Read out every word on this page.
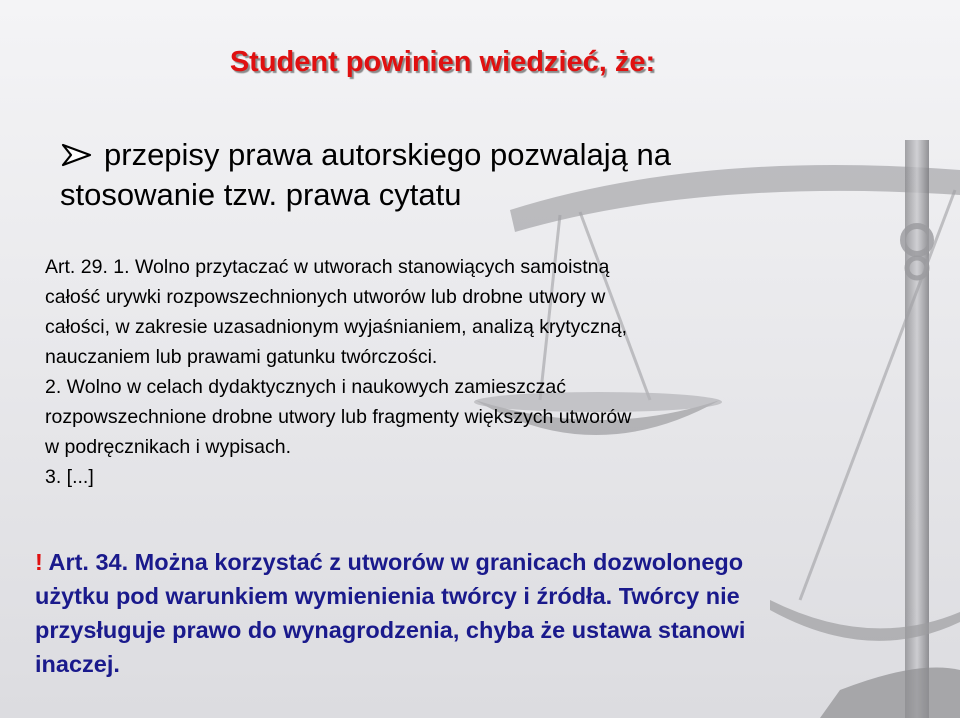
Student powinien wiedzieć, że:
przepisy prawa autorskiego pozwalają na
stosowanie tzw. prawa cytatu

Art. 29. 1. Wolno przytaczać w utworach stanowiących samoistną

całość urywki rozpowszechnionych utworów lub drobne utwory w

całości, w zakresie uzasadnionym wyjaśnianiem, analizą krytyczną,

nauczaniem lub prawami gatunku twórczości.

2. Wolno w celach dydaktycznych i naukowych zamieszczać

rozpowszechnione drobne utwory lub fragmenty większych utworów

w podręcznikach i wypisach.

3. [...]

! Art. 34. Można korzystać z utworów w granicach dozwolonego

użytku pod warunkiem wymienienia twórcy i źródła. Twórcy nie

przysługuje prawo do wynagrodzenia, chyba że ustawa stanowi

inaczej.
